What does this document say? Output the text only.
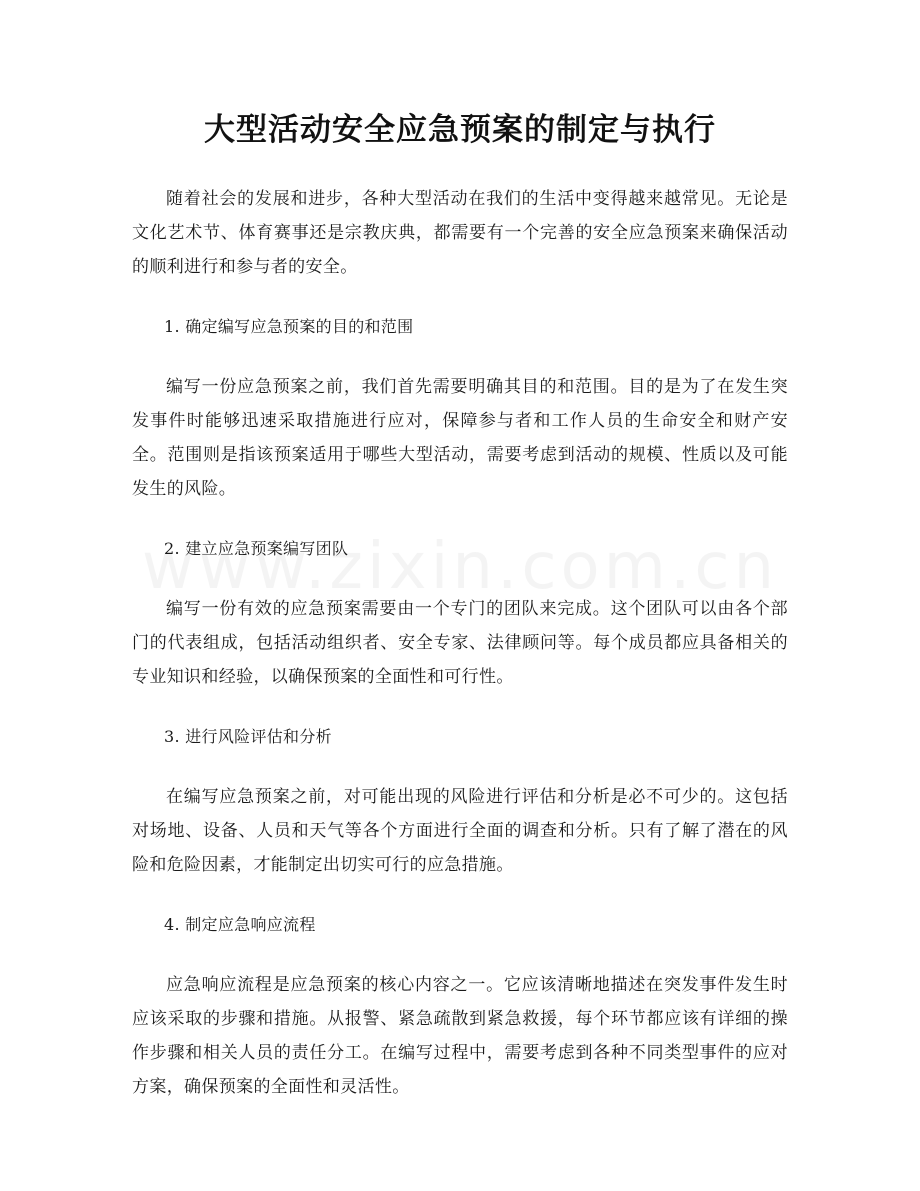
大型活动安全应急预案的制定与执行

随着社会的发展和进步，各种大型活动在我们的生活中变得越来越常见。无论是文化艺术节、体育赛事还是宗教庆典，都需要有一个完善的安全应急预案来确保活动的顺利进行和参与者的安全。

1. 确定编写应急预案的目的和范围

编写一份应急预案之前，我们首先需要明确其目的和范围。目的是为了在发生突发事件时能够迅速采取措施进行应对，保障参与者和工作人员的生命安全和财产安全。范围则是指该预案适用于哪些大型活动，需要考虑到活动的规模、性质以及可能发生的风险。

2. 建立应急预案编写团队

编写一份有效的应急预案需要由一个专门的团队来完成。这个团队可以由各个部门的代表组成，包括活动组织者、安全专家、法律顾问等。每个成员都应具备相关的专业知识和经验，以确保预案的全面性和可行性。

3. 进行风险评估和分析

在编写应急预案之前，对可能出现的风险进行评估和分析是必不可少的。这包括对场地、设备、人员和天气等各个方面进行全面的调查和分析。只有了解了潜在的风险和危险因素，才能制定出切实可行的应急措施。

4. 制定应急响应流程

应急响应流程是应急预案的核心内容之一。它应该清晰地描述在突发事件发生时应该采取的步骤和措施。从报警、紧急疏散到紧急救援，每个环节都应该有详细的操作步骤和相关人员的责任分工。在编写过程中，需要考虑到各种不同类型事件的应对方案，确保预案的全面性和灵活性。
